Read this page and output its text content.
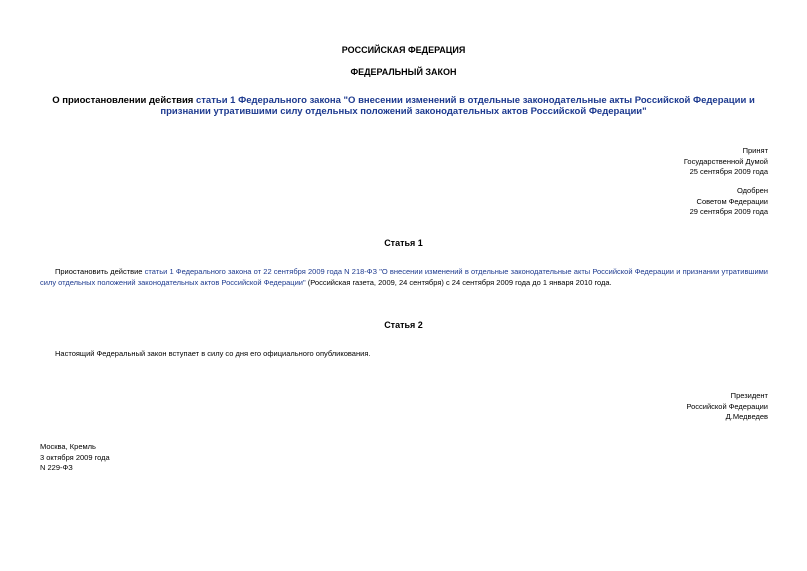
РОССИЙСКАЯ ФЕДЕРАЦИЯ
ФЕДЕРАЛЬНЫЙ ЗАКОН
О приостановлении действия статьи 1 Федерального закона "О внесении изменений в отдельные законодательные акты Российской Федерации и признании утратившими силу отдельных положений законодательных актов Российской Федерации"
Принят
Государственной Думой
25 сентября 2009 года
Одобрен
Советом Федерации
29 сентября 2009 года
Статья 1
Приостановить действие статьи 1 Федерального закона от 22 сентября 2009 года N 218-ФЗ "О внесении изменений в отдельные законодательные акты Российской Федерации и признании утратившими силу отдельных положений законодательных актов Российской Федерации" (Российская газета, 2009, 24 сентября) с 24 сентября 2009 года до 1 января 2010 года.
Статья 2
Настоящий Федеральный закон вступает в силу со дня его официального опубликования.
Президент
Российской Федерации
Д.Медведев
Москва, Кремль
3 октября 2009 года
N 229-ФЗ
